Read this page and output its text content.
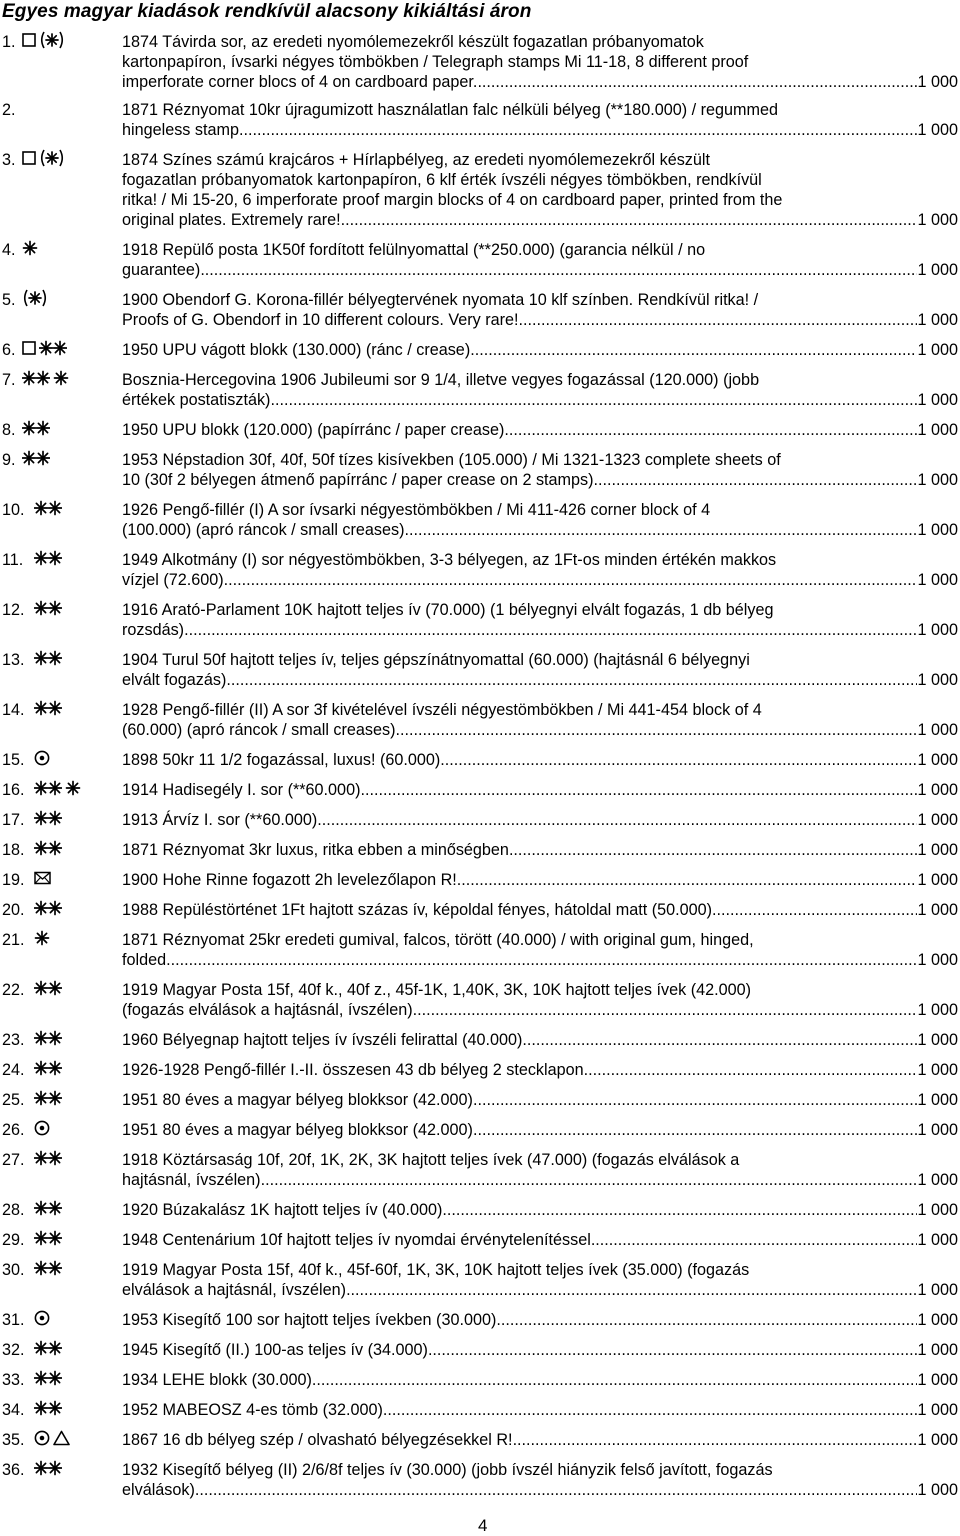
Egyes magyar kiadások rendkívül alacsony kikiáltási áron
1.	1874 Távirda sor, az eredeti nyomólemezekről készült fogazatlan próbanyomatok
kartonpapíron, ívsarki négyes tömbökben / Telegraph stamps Mi 11-18, 8 different proof
imperforate corner blocs of 4 on cardboard paper. .....	1 000
2.	1871 Réznyomat 10kr újragumizott használatlan falc nélküli bélyeg (**180.000) / regummed
hingeless stamp .....	1 000
3.	1874 Színes számú krajcáros + Hírlapbélyeg, az eredeti nyomólemezekről készült
fogazatlan próbanyomatok kartonpapíron, 6 klf érték ívszéli négyes tömbökben, rendkívül
ritka! / Mi 15-20, 6 imperforate proof margin blocks of 4 on cardboard paper, printed from the
original plates. Extremely rare! .....	1 000
4.	1918 Repülő posta 1K50f fordított felülnyomattal (**250.000) (garancia nélkül / no
guarantee) .....	1 000
5.	1900 Obendorf G. Korona-fillér bélyegtervének nyomata 10 klf színben. Rendkívül ritka! /
Proofs of G. Obendorf in 10 different colours. Very rare! .....	1 000
6.	1950 UPU vágott blokk (130.000) (ránc / crease) .....	1 000
7.	Bosznia-Hercegovina 1906 Jubileumi sor 9 1/4, illetve vegyes fogazással (120.000) (jobb
értékek postatiszták) .....	1 000
8.	1950 UPU blokk (120.000) (papírránc / paper crease) .....	1 000
9.	1953 Népstadion 30f, 40f, 50f tízes kisívekben (105.000) / Mi 1321-1323 complete sheets of
10 (30f 2 bélyegen átmenő papírránc / paper crease on 2 stamps) .....	1 000
10.	1926 Pengő-fillér (I) A sor ívsarki négyestömbökben / Mi 411-426 corner block of 4
(100.000) (apró ráncok / small creases) .....	1 000
11.	1949 Alkotmány (I) sor négyestömbökben, 3-3 bélyegen, az 1Ft-os minden értékén makkos
vízjel (72.600) .....	1 000
12.	1916 Arató-Parlament 10K hajtott teljes ív (70.000) (1 bélyegnyi elvált fogazás, 1 db bélyeg
rozsdás) .....	1 000
13.	1904 Turul 50f hajtott teljes ív, teljes gépszínátnyomattal (60.000) (hajtásnál 6 bélyegnyi
elvált fogazás) .....	1 000
14.	1928 Pengő-fillér (II) A sor 3f kivételével ívszéli négyestömbökben / Mi 441-454 block of 4
(60.000) (apró ráncok / small creases) .....	1 000
15.	1898 50kr 11 1/2 fogazással, luxus! (60.000) .....	1 000
16.	1914 Hadisegély I. sor (**60.000) .....	1 000
17.	1913 Árvíz I. sor (**60.000) .....	1 000
18.	1871 Réznyomat 3kr luxus, ritka ebben a minőségben .....	1 000
19.	1900 Hohe Rinne fogazott 2h levelezőlapon R! .....	1 000
20.	1988 Repüléstörténet 1Ft hajtott százas ív, képoldal fényes, hátoldal matt (50.000) .....	1 000
21.	1871 Réznyomat 25kr eredeti gumival, falcos, törött (40.000) / with original gum, hinged,
folded .....	1 000
22.	1919 Magyar Posta 15f, 40f k., 40f z., 45f-1K, 1,40K, 3K, 10K hajtott teljes ívek (42.000)
(fogazás elválások a hajtásnál, ívszélen) .....	1 000
23.	1960 Bélyegnap hajtott teljes ív ívszéli felirattal (40.000) .....	1 000
24.	1926-1928 Pengő-fillér I.-II. összesen 43 db bélyeg 2 stecklapon .....	1 000
25.	1951 80 éves a magyar bélyeg blokksor (42.000) .....	1 000
26.	1951 80 éves a magyar bélyeg blokksor (42.000) .....	1 000
27.	1918 Köztársaság 10f, 20f, 1K, 2K, 3K hajtott teljes ívek (47.000) (fogazás elválások a
hajtásnál, ívszélen) .....	1 000
28.	1920 Búzakalász 1K hajtott teljes ív (40.000) .....	1 000
29.	1948 Centenárium 10f hajtott teljes ív nyomdai érvénytelenítéssel .....	1 000
30.	1919 Magyar Posta 15f, 40f k., 45f-60f, 1K, 3K, 10K hajtott teljes ívek (35.000) (fogazás
elválások a hajtásnál, ívszélen) .....	1 000
31.	1953 Kisegítő 100 sor hajtott teljes ívekben (30.000) .....	1 000
32.	1945 Kisegítő (II.) 100-as teljes ív (34.000) .....	1 000
33.	1934 LEHE blokk (30.000) .....	1 000
34.	1952 MABEOSZ 4-es tömb (32.000) .....	1 000
35.	1867 16 db bélyeg szép / olvasható bélyegzésekkel R! .....	1 000
36.	1932 Kisegítő bélyeg (II) 2/6/8f teljes ív (30.000) (jobb ívszél hiányzik felső javított, fogazás
elválások) .....	1 000
4
